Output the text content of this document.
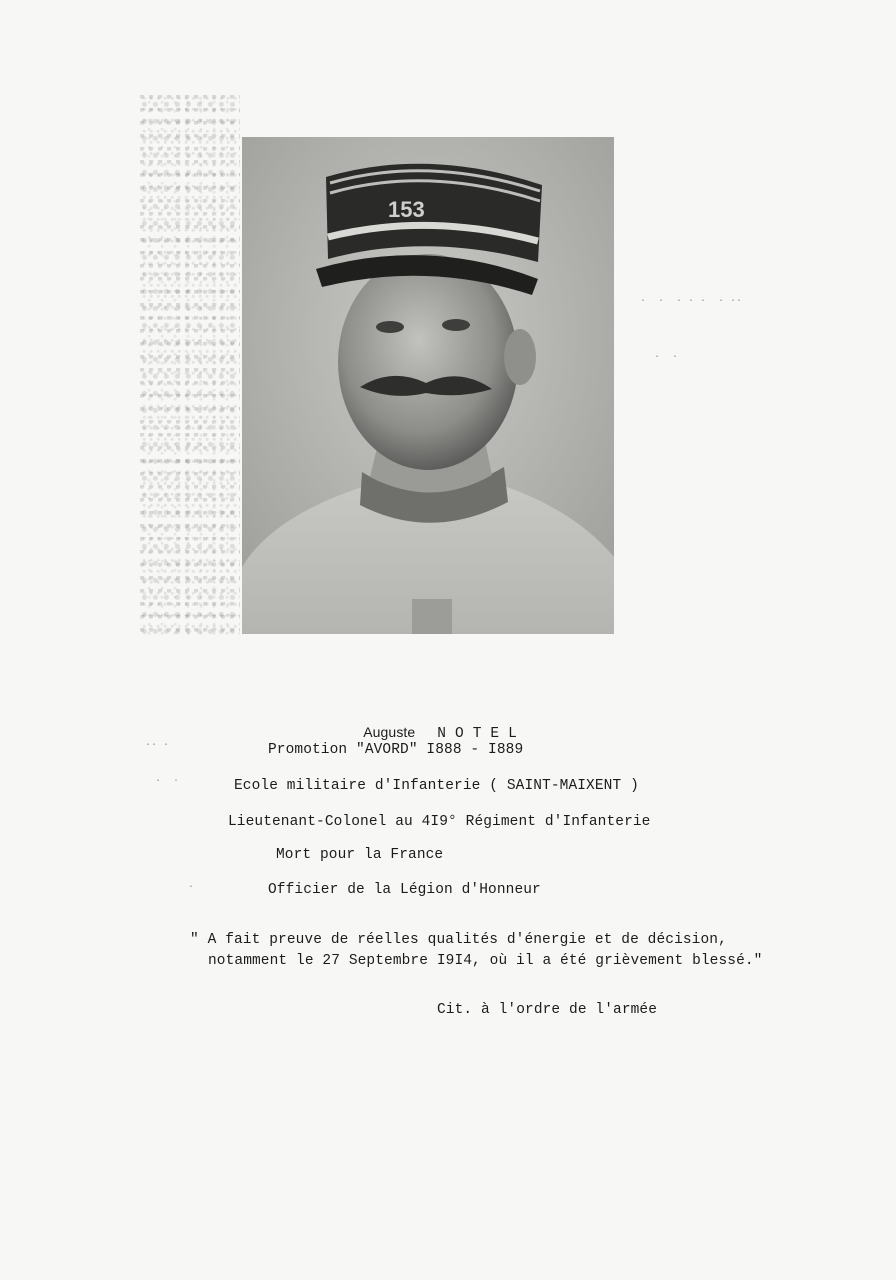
153
·  ·  · · ·  · ··
·  ·
·· ·
·  ·
·

Auguste NOTEL

Promotion "AVORD" I888 - I889
Ecole militaire d'Infanterie ( SAINT-MAIXENT )
Lieutenant-Colonel au 4I9° Régiment d'Infanterie
Mort pour la France
Officier de la Légion d'Honneur
" A fait preuve de réelles qualités d'énergie et de décision,
notamment le 27 Septembre I9I4, où il a été grièvement blessé."
Cit. à l'ordre de l'armée
